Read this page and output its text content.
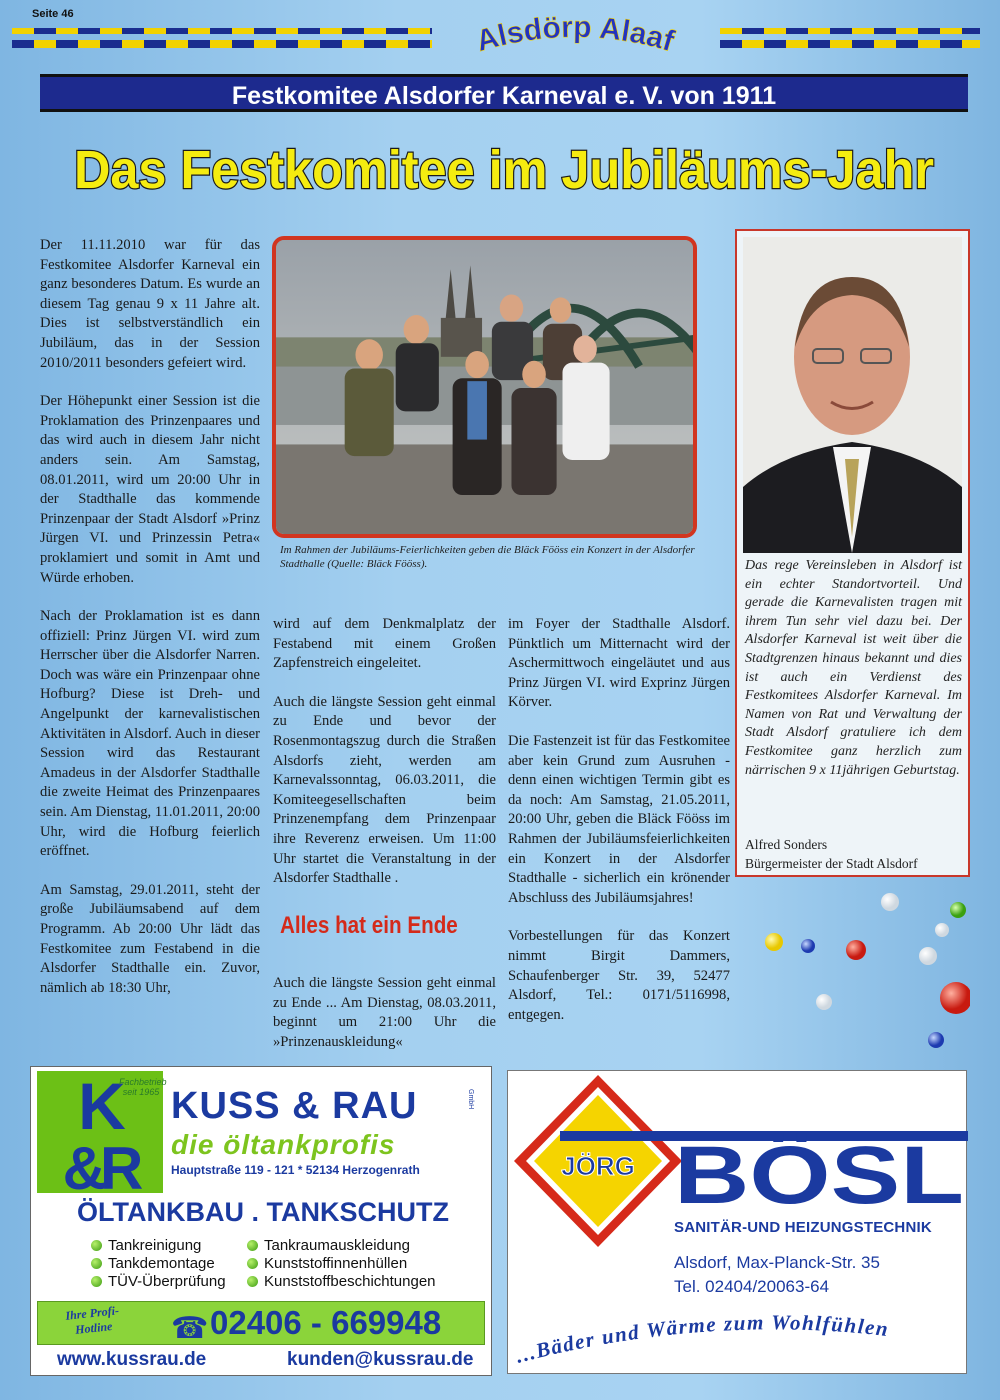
Seite 46
Alsdörp Alaaf
Festkomitee Alsdorfer Karneval e. V. von 1911
Das Festkomitee im Jubiläums-Jahr

Der 11.11.2010 war für das Festkomitee Alsdorfer Karneval ein ganz besonderes Datum. Es wurde an diesem Tag genau 9 x 11 Jahre alt. Dies ist selbstverständlich ein Jubiläum, das in der Session 2010/2011 besonders gefeiert wird.

Der Höhepunkt einer Session ist die Proklamation des Prinzenpaares und das wird auch in diesem Jahr nicht anders sein. Am Samstag, 08.01.2011, wird um 20:00 Uhr in der Stadthalle das kommende Prinzenpaar der Stadt Alsdorf »Prinz Jürgen VI. und Prinzessin Petra« proklamiert und somit in Amt und Würde erhoben.

Nach der Proklamation ist es dann offiziell: Prinz Jürgen VI. wird zum Herrscher über die Alsdorfer Narren. Doch was wäre ein Prinzenpaar ohne Hofburg? Diese ist Dreh- und Angelpunkt der karnevalistischen Aktivitäten in Alsdorf. Auch in dieser Session wird das Restaurant Amadeus in der Alsdorfer Stadthalle die zweite Heimat des Prinzenpaares sein. Am Dienstag, 11.01.2011, 20:00 Uhr, wird die Hofburg feierlich eröffnet.

Am Samstag, 29.01.2011, steht der große Jubiläumsabend auf dem Programm. Ab 20:00 Uhr lädt das Festkomitee zum Festabend in die Alsdorfer Stadthalle ein. Zuvor, nämlich ab 18:30 Uhr,

Im Rahmen der Jubiläums-Feierlichkeiten geben die Bläck Fööss ein Konzert in der Alsdorfer Stadthalle (Quelle: Bläck Fööss).

wird auf dem Denkmalplatz der Festabend mit einem Großen Zapfenstreich eingeleitet.

Auch die längste Session geht einmal zu Ende und bevor der Rosenmontagszug durch die Straßen Alsdorfs zieht, werden am Karnevalssonntag, 06.03.2011, die Komiteegesellschaften beim Prinzenempfang dem Prinzenpaar ihre Reverenz erweisen. Um 11:00 Uhr startet die Veranstaltung in der Alsdorfer Stadthalle .

Alles hat ein Ende

Auch die längste Session geht einmal zu Ende ... Am Dienstag, 08.03.2011, beginnt um 21:00 Uhr die »Prinzenauskleidung«

im Foyer der Stadthalle Alsdorf. Pünktlich um Mitternacht wird der Aschermittwoch eingeläutet und aus Prinz Jürgen VI. wird Exprinz Jürgen Körver.

Die Fastenzeit ist für das Festkomitee aber kein Grund zum Ausruhen - denn einen wichtigen Termin gibt es da noch: Am Samstag, 21.05.2011, 20:00 Uhr, geben die Bläck Fööss im Rahmen der Jubiläumsfeierlichkeiten ein Konzert in der Alsdorfer Stadthalle - sicherlich ein krönender Abschluss des Jubiläumsjahres!

Vorbestellungen für das Konzert nimmt Birgit Dammers, Schaufenberger Str. 39, 52477 Alsdorf, Tel.: 0171/5116998, entgegen.

Das rege Vereinsleben in Alsdorf ist ein echter Standortvorteil. Und gerade die Karnevalisten tragen mit ihrem Tun sehr viel dazu bei. Der Alsdorfer Karneval ist weit über die Stadtgrenzen hinaus bekannt und dies ist auch ein Verdienst des Festkomitees Alsdorfer Karneval. Im Namen von Rat und Verwaltung der Stadt Alsdorf gratuliere ich dem Festkomitee ganz herzlich zum närrischen 9 x 11jährigen Geburtstag.
Alfred Sonders
Bürgermeister der Stadt Alsdorf
K
&R
Fachbetrieb seit 1965 KUSS & RAU	GmbH
die öltankprofis
Hauptstraße 119 - 121 * 52134 Herzogenrath
ÖLTANKBAU . TANKSCHUTZ
Tankreinigung
Tankdemontage
TÜV-Überprüfung
Tankraumauskleidung
Kunststoffinnenhüllen
Kunststoffbeschichtungen
Ihre Profi-Hotline	☎ 02406 - 669948
www.kussrau.de	kunden@kussrau.de
JÖRG BÖSL
SANITÄR-UND HEIZUNGSTECHNIK
Alsdorf, Max-Planck-Str. 35
Tel. 02404/20063-64
...Bäder und Wärme zum Wohlfühlen
